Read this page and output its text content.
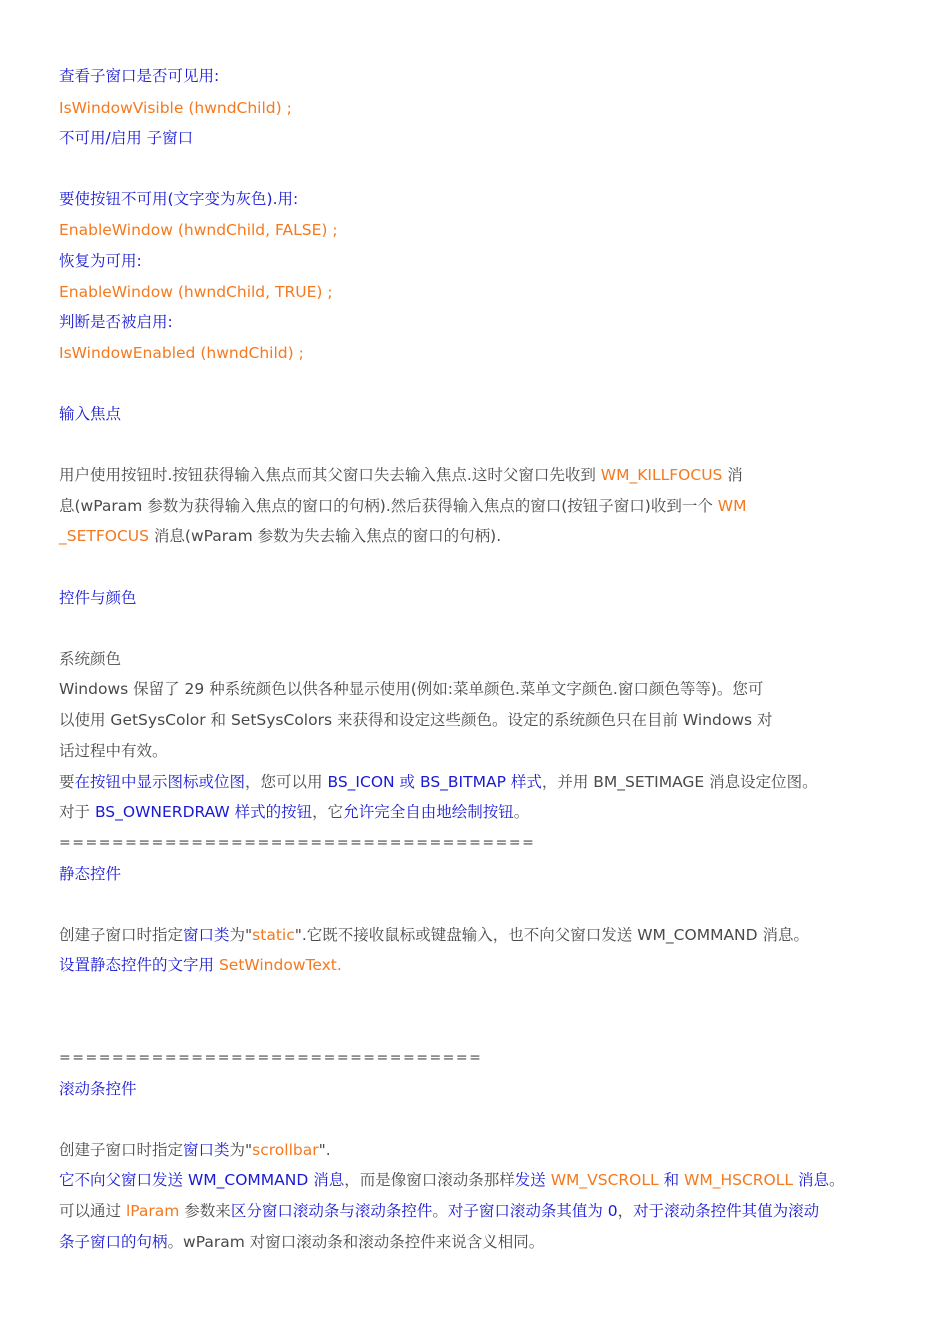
查看子窗口是否可见用:
IsWindowVisible (hwndChild) ;
不可用/启用 子窗口
要使按钮不可用(文字变为灰色).用:
EnableWindow (hwndChild, FALSE) ;
恢复为可用:
EnableWindow (hwndChild, TRUE) ;
判断是否被启用:
IsWindowEnabled (hwndChild) ;
输入焦点
用户使用按钮时.按钮获得输入焦点而其父窗口失去输入焦点.这时父窗口先收到 WM_KILLFOCUS 消
息(wParam 参数为获得输入焦点的窗口的句柄).然后获得输入焦点的窗口(按钮子窗口)收到一个 WM
_SETFOCUS 消息(wParam 参数为失去输入焦点的窗口的句柄).
控件与颜色
系统颜色
Windows 保留了 29 种系统颜色以供各种显示使用(例如:菜单颜色.菜单文字颜色.窗口颜色等等)。您可
以使用 GetSysColor 和 SetSysColors 来获得和设定这些颜色。设定的系统颜色只在目前 Windows 对
话过程中有效。
要在按钮中显示图标或位图，您可以用 BS_ICON 或 BS_BITMAP 样式，并用 BM_SETIMAGE 消息设定位图。
对于 BS_OWNERDRAW 样式的按钮，它允许完全自由地绘制按钮。
====================================
静态控件
创建子窗口时指定窗口类为"static".它既不接收鼠标或键盘输入，也不向父窗口发送 WM_COMMAND 消息。
设置静态控件的文字用 SetWindowText.
================================
滚动条控件
创建子窗口时指定窗口类为"scrollbar".
它不向父窗口发送 WM_COMMAND 消息，而是像窗口滚动条那样发送 WM_VSCROLL 和 WM_HSCROLL 消息。
可以通过 lParam 参数来区分窗口滚动条与滚动条控件。对子窗口滚动条其值为 0，对于滚动条控件其值为滚动
条子窗口的句柄。wParam 对窗口滚动条和滚动条控件来说含义相同。
